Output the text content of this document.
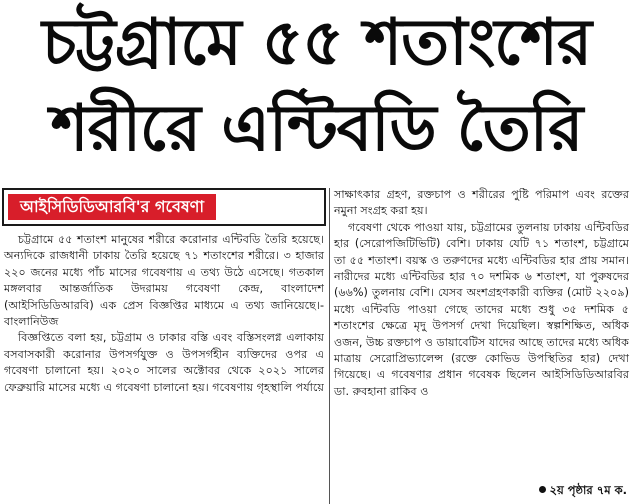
চট্টগ্রামে ৫৫ শতাংশের
শরীরে এন্টিবডি তৈরি
আইসিডিডিআরবি'র গবেষণা

চট্টগ্রামে ৫৫ শতাংশ মানুষের শরীরে করোনার এন্টিবডি তৈরি হয়েছে। অন্যদিকে রাজধানী ঢাকায় তৈরি হয়েছে ৭১ শতাংশের শরীরে। ৩ হাজার ২২০ জনের মধ্যে পাঁচ মাসের গবেষণায় এ তথ্য উঠে এসেছে। গতকাল মঙ্গলবার আন্তর্জাতিক উদরাময় গবেষণা কেন্দ্র, বাংলাদেশ (আইসিডিডিআরবি) এক প্রেস বিজ্ঞপ্তির মাধ্যমে এ তথ্য জানিয়েছে।- বাংলানিউজ

বিজ্ঞপ্তিতে বলা হয়, চট্টগ্রাম ও ঢাকার বস্তি এবং বস্তিসংলগ্ন এলাকায় বসবাসকারী করোনার উপসর্গযুক্ত ও উপসর্গহীন ব্যক্তিদের ওপর এ গবেষণা চালানো হয়। ২০২০ সালের অক্টোবর থেকে ২০২১ সালের ফেব্রুয়ারি মাসের মধ্যে এ গবেষণা চালানো হয়। গবেষণায় গৃহস্থালি পর্যায়ে

সাক্ষাৎকার গ্রহণ, রক্তচাপ ও শরীরের পুষ্টি পরিমাপ এবং রক্তের নমুনা সংগ্রহ করা হয়।

গবেষণা থেকে পাওয়া যায়, চট্টগ্রামের তুলনায় ঢাকায় এন্টিবডির হার (সেরোপজিটিভিটি) বেশি। ঢাকায় যেটি ৭১ শতাংশ, চট্টগ্রামে তা ৫৫ শতাংশ। বয়স্ক ও তরুণদের মধ্যে এন্টিবডির হার প্রায় সমান। নারীদের মধ্যে এন্টিবডির হার ৭০ দশমিক ৬ শতাংশ, যা পুরুষদের (৬৬%) তুলনায় বেশি। যেসব অংশগ্রহণকারী ব্যক্তির (মোট ২২০৯) মধ্যে এন্টিবডি পাওয়া গেছে তাদের মধ্যে শুধু ৩৫ দশমিক ৫ শতাংশের ক্ষেত্রে মৃদু উপসর্গ দেখা দিয়েছিল। স্বল্পশিক্ষিত, অধিক ওজন, উচ্চ রক্তচাপ ও ডায়াবেটিস যাদের আছে তাদের মধ্যে অধিক মাত্রায় সেরোপ্রিভ্যালেন্স (রক্তে কোভিড উপস্থিতির হার) দেখা গিয়েছে। এ গবেষণার প্রধান গবেষক ছিলেন আইসিডিডিআরবির ডা. রুবহানা রাকিব ও

২য় পৃষ্ঠার ৭ম ক.
